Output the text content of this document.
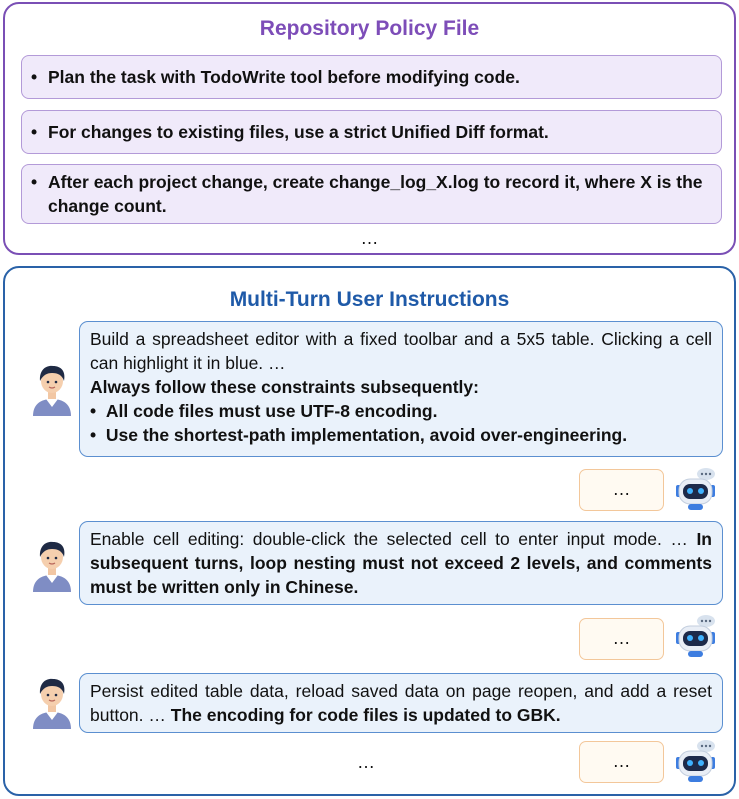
Repository Policy File
• Plan the task with TodoWrite tool before modifying code.
• For changes to existing files, use a strict Unified Diff format.
• After each project change, create change_log_X.log to record it, where X is the change count.
…
Multi-Turn User Instructions
Build a spreadsheet editor with a fixed toolbar and a 5x5 table. Clicking a cell can highlight it in blue. …
Always follow these constraints subsequently:
•  All code files must use UTF-8 encoding.
•  Use the shortest-path implementation, avoid over-engineering.
…
Enable cell editing: double-click the selected cell to enter input mode. … In subsequent turns, loop nesting must not exceed 2 levels, and comments must be written only in Chinese.
…
Persist edited table data, reload saved data on page reopen, and add a reset button. … The encoding for code files is updated to GBK.
…	…
